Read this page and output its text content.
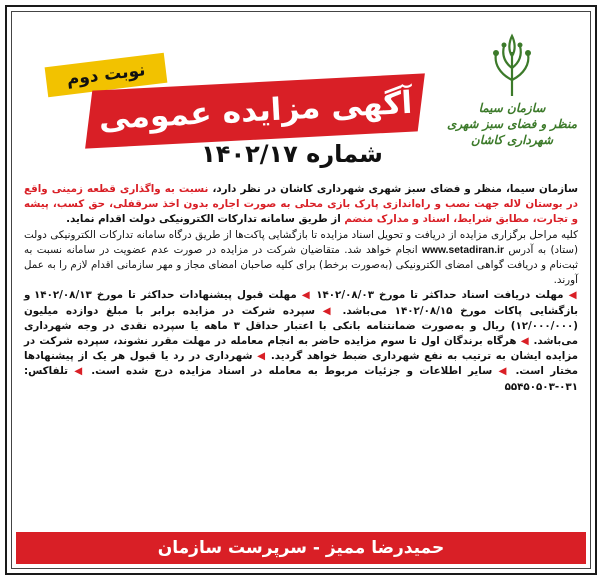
سازمان سیما
منظر و فضای سبز شهری
شهرداری کاشان
نوبت دوم
آگهی مزایده عمومی
شماره ۱۴۰۲/۱۷

سازمان سیما، منظر و فضای سبز شهری شهرداری کاشان در نظر دارد، نسبت به واگذاری قطعه زمینی واقع در بوستان لاله جهت نصب و راه‌اندازی پارک بازی محلی به صورت اجاره بدون اخذ سرقفلی، حق کسب، پیشه و تجارت، مطابق شرایط، اسناد و مدارک منضم از طریق سامانه تدارکات الکترونیکی دولت اقدام نماید.

کلیه مراحل برگزاری مزایده از دریافت و تحویل اسناد مزایده تا بازگشایی پاکت‌ها از طریق درگاه سامانه تدارکات الکترونیکی دولت (ستاد) به آدرس www.setadiran.ir انجام خواهد شد. متقاضیان شرکت در مزایده در صورت عدم عضویت در سامانه نسبت به ثبت‌نام و دریافت گواهی امضای الکترونیکی (به‌صورت برخط) برای کلیه صاحبان امضای مجاز و مهر سازمانی اقدام لازم را به عمل آورند.

◀ مهلت دریافت اسناد حداکثر تا مورخ ۱۴۰۲/۰۸/۰۳ ◀ مهلت قبول پیشنهادات حداکثر تا مورخ ۱۴۰۲/۰۸/۱۳ و بازگشایی پاکات مورخ ۱۴۰۲/۰۸/۱۵ می‌باشد. ◀ سپرده شرکت در مزایده برابر با مبلغ دوازده میلیون (۱۲/۰۰۰/۰۰۰) ریال و به‌صورت ضمانتنامه بانکی با اعتبار حداقل ۳ ماهه یا سپرده نقدی در وجه شهرداری می‌باشد. ◀ هرگاه برندگان اول تا سوم مزایده حاضر به انجام معامله در مهلت مقرر نشوند، سپرده شرکت در مزایده ایشان به ترتیب به نفع شهرداری ضبط خواهد گردید. ◀ شهرداری در رد یا قبول هر یک از پیشنهادها مختار است. ◀ سایر اطلاعات و جزئیات مربوط به معامله در اسناد مزایده درج شده است. ◀ تلفاکس: ۰۳۱-۵۵۴۵۰۵۰۳

حمیدرضا ممیز - سرپرست سازمان
